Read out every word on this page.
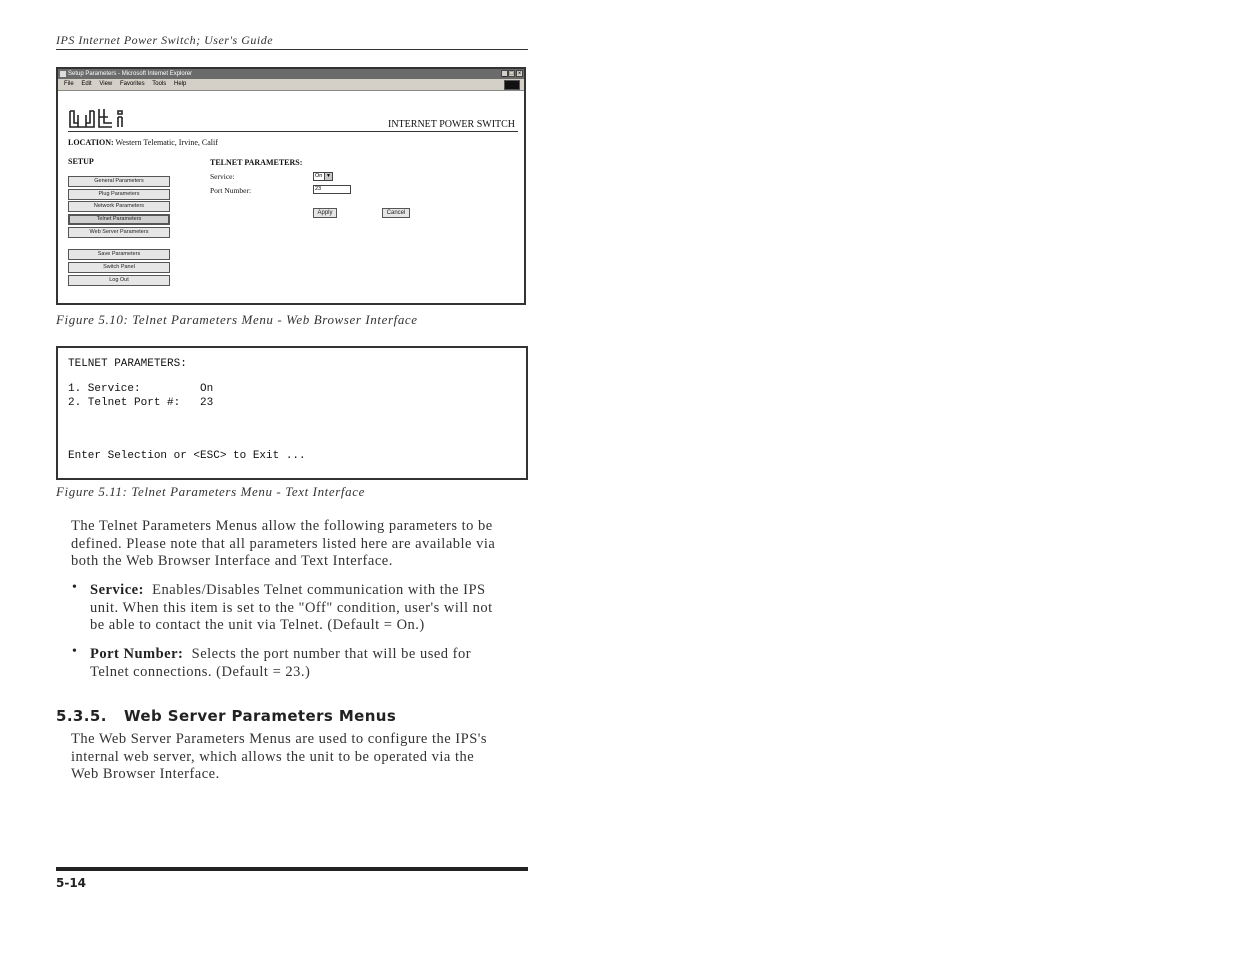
IPS Internet Power Switch; User's Guide
Setup Parameters - Microsoft Internet Explorer	_ □ ×
File Edit View Favorites Tools Help
INTERNET POWER SWITCH
LOCATION: Western Telematic, Irvine, Calif
SETUP
General Parameters
Plug Parameters
Network Parameters
Telnet Parameters
Web Server Parameters
Save Parameters
Switch Panel
Log Out
TELNET PARAMETERS:
Service:	On ▼
Port Number:	23
Apply	Cancel
Figure 5.10: Telnet Parameters Menu - Web Browser Interface
TELNET PARAMETERS:
1. Service:         On
2. Telnet Port #:   23
Enter Selection or <ESC> to Exit ...
Figure 5.11: Telnet Parameters Menu - Text Interface
The Telnet Parameters Menus allow the following parameters to be
defined. Please note that all parameters listed here are available via
both the Web Browser Interface and Text Interface.
• Service: Enables/Disables Telnet communication with the IPS
unit. When this item is set to the "Off" condition, user's will not
be able to contact the unit via Telnet. (Default = On.)
• Port Number: Selects the port number that will be used for
Telnet connections. (Default = 23.)
5.3.5. Web Server Parameters Menus
The Web Server Parameters Menus are used to configure the IPS's
internal web server, which allows the unit to be operated via the
Web Browser Interface.
5-14
